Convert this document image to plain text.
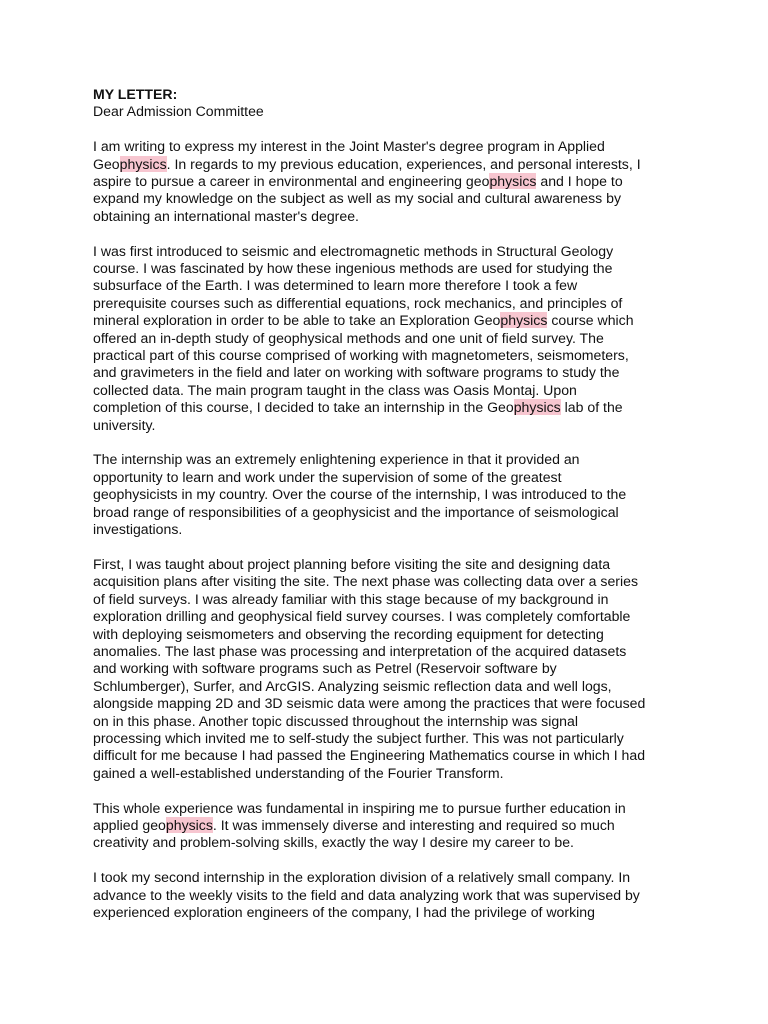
MY LETTER:
Dear Admission Committee
I am writing to express my interest in the Joint Master's degree program in Applied
Geophysics. In regards to my previous education, experiences, and personal interests, I
aspire to pursue a career in environmental and engineering geophysics and I hope to
expand my knowledge on the subject as well as my social and cultural awareness by
obtaining an international master's degree.
I was first introduced to seismic and electromagnetic methods in Structural Geology
course. I was fascinated by how these ingenious methods are used for studying the
subsurface of the Earth. I was determined to learn more therefore I took a few
prerequisite courses such as differential equations, rock mechanics, and principles of
mineral exploration in order to be able to take an Exploration Geophysics course which
offered an in-depth study of geophysical methods and one unit of field survey. The
practical part of this course comprised of working with magnetometers, seismometers,
and gravimeters in the field and later on working with software programs to study the
collected data. The main program taught in the class was Oasis Montaj. Upon
completion of this course, I decided to take an internship in the Geophysics lab of the
university.
The internship was an extremely enlightening experience in that it provided an
opportunity to learn and work under the supervision of some of the greatest
geophysicists in my country. Over the course of the internship, I was introduced to the
broad range of responsibilities of a geophysicist and the importance of seismological
investigations.
First, I was taught about project planning before visiting the site and designing data
acquisition plans after visiting the site. The next phase was collecting data over a series
of field surveys. I was already familiar with this stage because of my background in
exploration drilling and geophysical field survey courses. I was completely comfortable
with deploying seismometers and observing the recording equipment for detecting
anomalies. The last phase was processing and interpretation of the acquired datasets
and working with software programs such as Petrel (Reservoir software by
Schlumberger), Surfer, and ArcGIS. Analyzing seismic reflection data and well logs,
alongside mapping 2D and 3D seismic data were among the practices that were focused
on in this phase. Another topic discussed throughout the internship was signal
processing which invited me to self-study the subject further. This was not particularly
difficult for me because I had passed the Engineering Mathematics course in which I had
gained a well-established understanding of the Fourier Transform.
This whole experience was fundamental in inspiring me to pursue further education in
applied geophysics. It was immensely diverse and interesting and required so much
creativity and problem-solving skills, exactly the way I desire my career to be.
I took my second internship in the exploration division of a relatively small company. In
advance to the weekly visits to the field and data analyzing work that was supervised by
experienced exploration engineers of the company, I had the privilege of working
